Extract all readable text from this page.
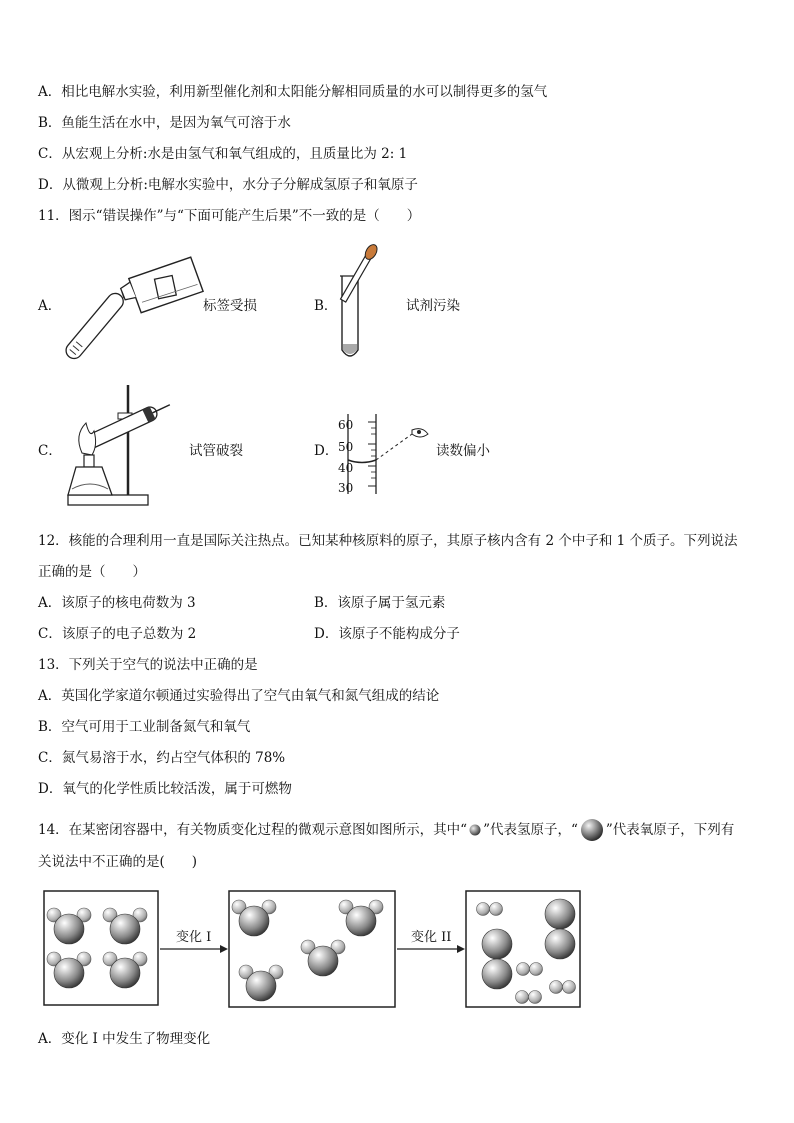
A．相比电解水实验，利用新型催化剂和太阳能分解相同质量的水可以制得更多的氢气
B．鱼能生活在水中，是因为氧气可溶于水
C．从宏观上分析:水是由氢气和氧气组成的，且质量比为 2: 1
D．从微观上分析:电解水实验中，水分子分解成氢原子和氧原子
11．图示“错误操作”与“下面可能产生后果”不一致的是（　　）
A．	标签受损	B．	试剂污染
C．	试管破裂	D．
60
50
40
30
读数偏小
12．核能的合理利用一直是国际关注热点。已知某种核原料的原子，其原子核内含有 2 个中子和 1 个质子。下列说法
正确的是（　　）
A．该原子的核电荷数为 3	B．该原子属于氢元素
C．该原子的电子总数为 2	D．该原子不能构成分子
13．下列关于空气的说法中正确的是
A．英国化学家道尔顿通过实验得出了空气由氧气和氮气组成的结论
B．空气可用于工业制备氮气和氧气
C．氮气易溶于水，约占空气体积的 78%
D．氧气的化学性质比较活泼，属于可燃物
14．在某密闭容器中，有关物质变化过程的微观示意图如图所示，其中“ ”代表氢原子，“ ”代表氧原子，下列有
关说法中不正确的是(　　)
变化 I	变化 II
A．变化 I 中发生了物理变化
